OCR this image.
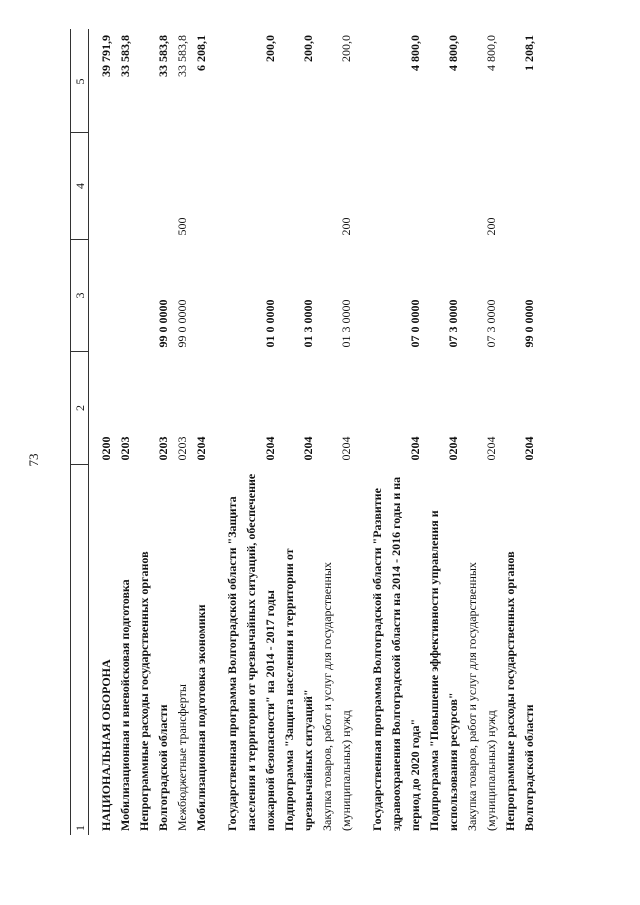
73
1	2	3	4	5
НАЦИОНАЛЬНАЯ ОБОРОНА	0200			39 791,9
Мобилизационная и вневойсковая подготовка	0203			33 583,8
Непрограммные расходы государственных органов Волгоградской области	0203	99 0 0000		33 583,8
Межбюджетные трансферты	0203	99 0 0000	500	33 583,8
Мобилизационная подготовка экономики	0204			6 208,1

Государственная программа Волгоградской области "Защита населения и территории от чрезвычайных ситуаций, обеспечение пожарной безопасности" на 2014 - 2017 годы	0204	01 0 0000		200,0
Подпрограмма "Защита населения и территории от чрезвычайных ситуаций"	0204	01 3 0000		200,0
Закупка товаров, работ и услуг для государственных (муниципальных) нужд	0204	01 3 0000	200	200,0

Государственная программа Волгоградской области "Развитие здравоохранения Волгоградской области на 2014 - 2016 годы и на период до 2020 года"	0204	07 0 0000		4 800,0
Подпрограмма "Повышение эффективности управления и использования ресурсов"	0204	07 3 0000		4 800,0
Закупка товаров, работ и услуг для государственных (муниципальных) нужд	0204	07 3 0000	200	4 800,0
Непрограммные расходы государственных органов Волгоградской области	0204	99 0 0000		1 208,1
